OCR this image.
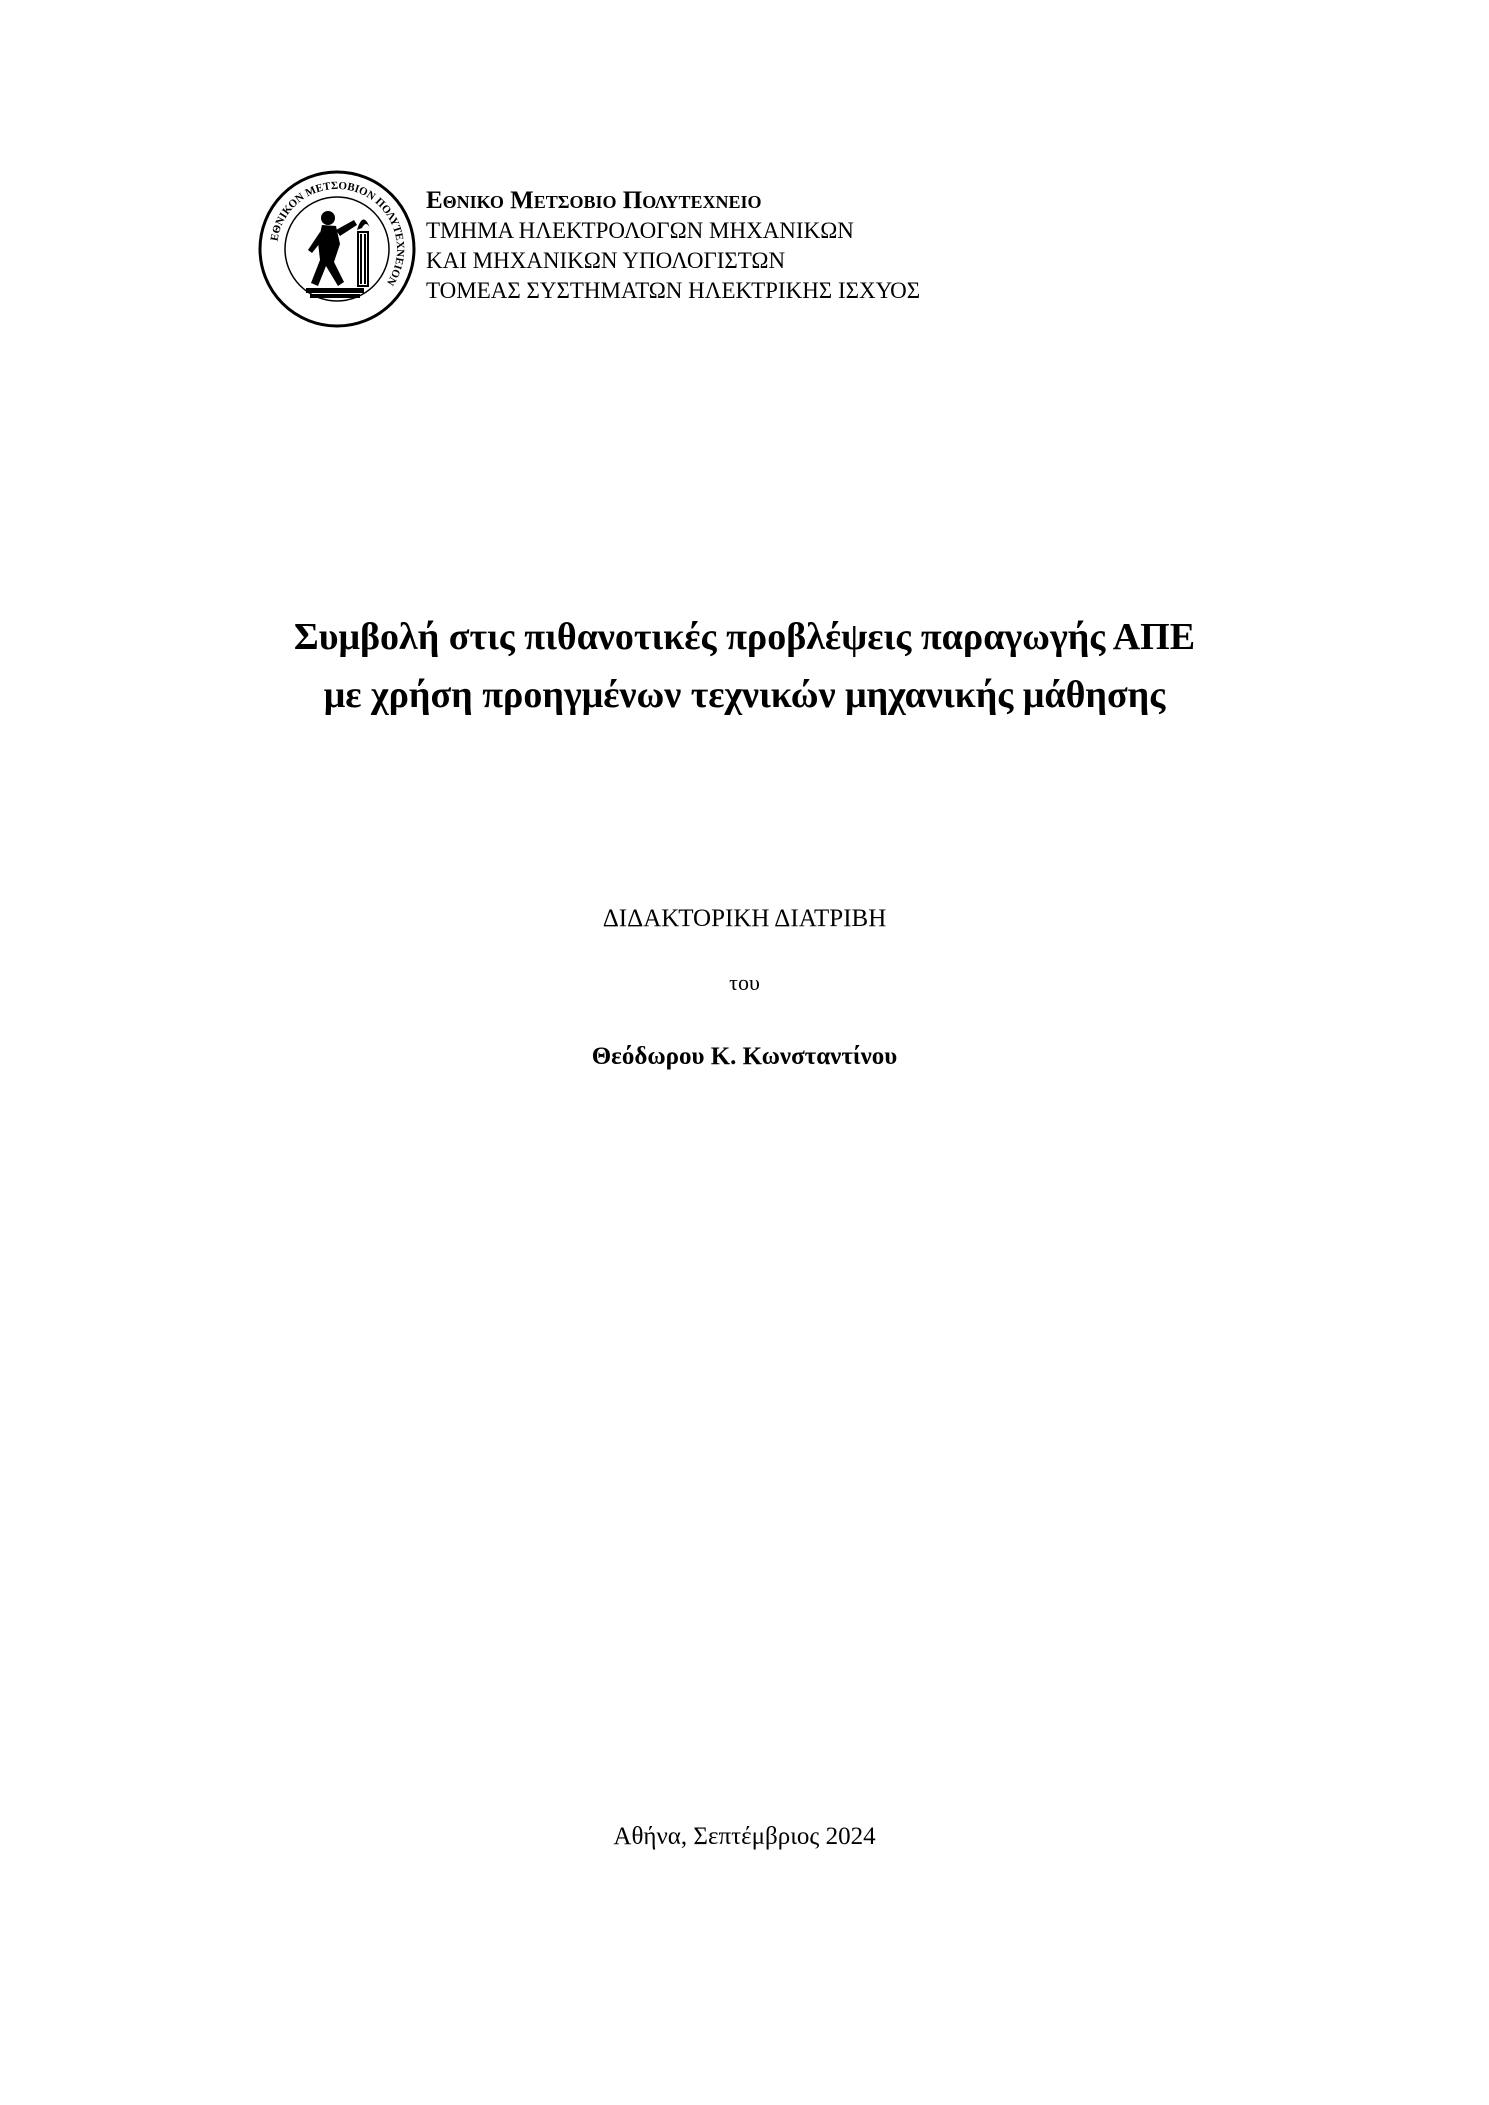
ΕΘΝΙΚΟΝ ΜΕΤΣΟΒΙΟΝ ΠΟΛΥΤΕΧΝΕΙΟΝ
Εθνικο Μετσοβιο Πολυτεχνειο
ΤΜΗΜΑ ΗΛΕΚΤΡΟΛΟΓΩΝ ΜΗΧΑΝΙΚΩΝ
ΚΑΙ ΜΗΧΑΝΙΚΩΝ ΥΠΟΛΟΓΙΣΤΩΝ
ΤΟΜΕΑΣ ΣΥΣΤΗΜΑΤΩΝ ΗΛΕΚΤΡΙΚΗΣ ΙΣΧΥΟΣ
Συμβολή στις πιθανοτικές προβλέψεις παραγωγής ΑΠΕ
με χρήση προηγμένων τεχνικών μηχανικής μάθησης
ΔΙΔΑΚΤΟΡΙΚΗ ΔΙΑΤΡΙΒΗ
του
Θεόδωρου Κ. Κωνσταντίνου
Αθήνα, Σεπτέμβριος 2024
